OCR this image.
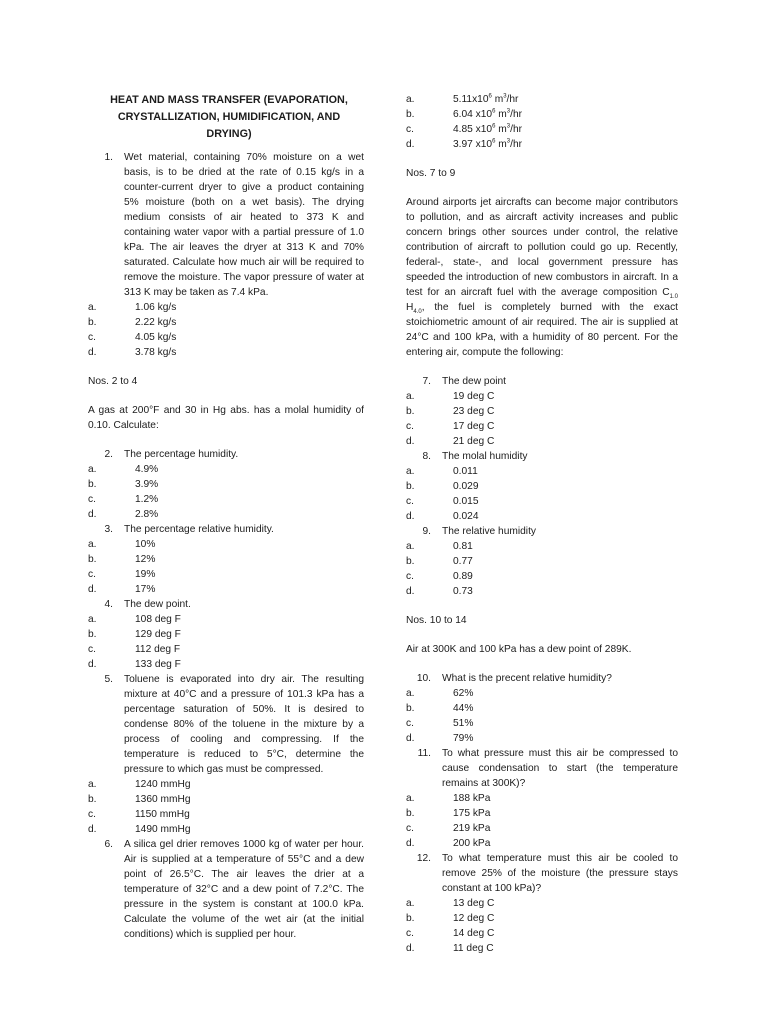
HEAT AND MASS TRANSFER (EVAPORATION, CRYSTALLIZATION, HUMIDIFICATION, AND DRYING)
1.	Wet material, containing 70% moisture on a wet basis, is to be dried at the rate of 0.15 kg/s in a counter-current dryer to give a product containing 5% moisture (both on a wet basis). The drying medium consists of air heated to 373 K and containing water vapor with a partial pressure of 1.0 kPa. The air leaves the dryer at 313 K and 70% saturated. Calculate how much air will be required to remove the moisture. The vapor pressure of water at 313 K may be taken as 7.4 kPa.
a.	1.06 kg/s
b.	2.22 kg/s
c.	4.05 kg/s
d.	3.78 kg/s
Nos. 2 to 4
A gas at 200°F and 30 in Hg abs. has a molal humidity of 0.10. Calculate:
2.	The percentage humidity.
a.	4.9%
b.	3.9%
c.	1.2%
d.	2.8%
3.	The percentage relative humidity.
a.	10%
b.	12%
c.	19%
d.	17%
4.	The dew point.
a.	108 deg F
b.	129 deg F
c.	112 deg F
d.	133 deg F
5.	Toluene is evaporated into dry air. The resulting mixture at 40°C and a pressure of 101.3 kPa has a percentage saturation of 50%. It is desired to condense 80% of the toluene in the mixture by a process of cooling and compressing. If the temperature is reduced to 5°C, determine the pressure to which gas must be compressed.
a.	1240 mmHg
b.	1360 mmHg
c.	1150 mmHg
d.	1490 mmHg
6.	A silica gel drier removes 1000 kg of water per hour. Air is supplied at a temperature of 55°C and a dew point of 26.5°C. The air leaves the drier at a temperature of 32°C and a dew point of 7.2°C. The pressure in the system is constant at 100.0 kPa. Calculate the volume of the wet air (at the initial conditions) which is supplied per hour.
a.	$5.11x10^6$ $m^3/hr$
b.	6.04 $x10^6$ $m^3/hr$
c.	4.85 $x10^6$ $m^3/hr$
d.	3.97 $x10^6$ $m^3/hr$
Nos. 7 to 9
Around airports jet aircrafts can become major contributors to pollution, and as aircraft activity increases and public concern brings other sources under control, the relative contribution of aircraft to pollution could go up. Recently, federal-, state-, and local government pressure has speeded the introduction of new combustors in aircraft. In a test for an aircraft fuel with the average composition $C_{1.0}$ $H_{4.0}$, the fuel is completely burned with the exact stoichiometric amount of air required. The air is supplied at 24°C and 100 kPa, with a humidity of 80 percent. For the entering air, compute the following:
7.	The dew point
a.	19 deg C
b.	23 deg C
c.	17 deg C
d.	21 deg C
8.	The molal humidity
a.	0.011
b.	0.029
c.	0.015
d.	0.024
9.	The relative humidity
a.	0.81
b.	0.77
c.	0.89
d.	0.73
Nos. 10 to 14
Air at 300K and 100 kPa has a dew point of 289K.
10.	What is the precent relative humidity?
a.	62%
b.	44%
c.	51%
d.	79%
11.	To what pressure must this air be compressed to cause condensation to start (the temperature remains at 300K)?
a.	188 kPa
b.	175 kPa
c.	219 kPa
d.	200 kPa
12.	To what temperature must this air be cooled to remove 25% of the moisture (the pressure stays constant at 100 kPa)?
a.	13 deg C
b.	12 deg C
c.	14 deg C
d.	11 deg C
